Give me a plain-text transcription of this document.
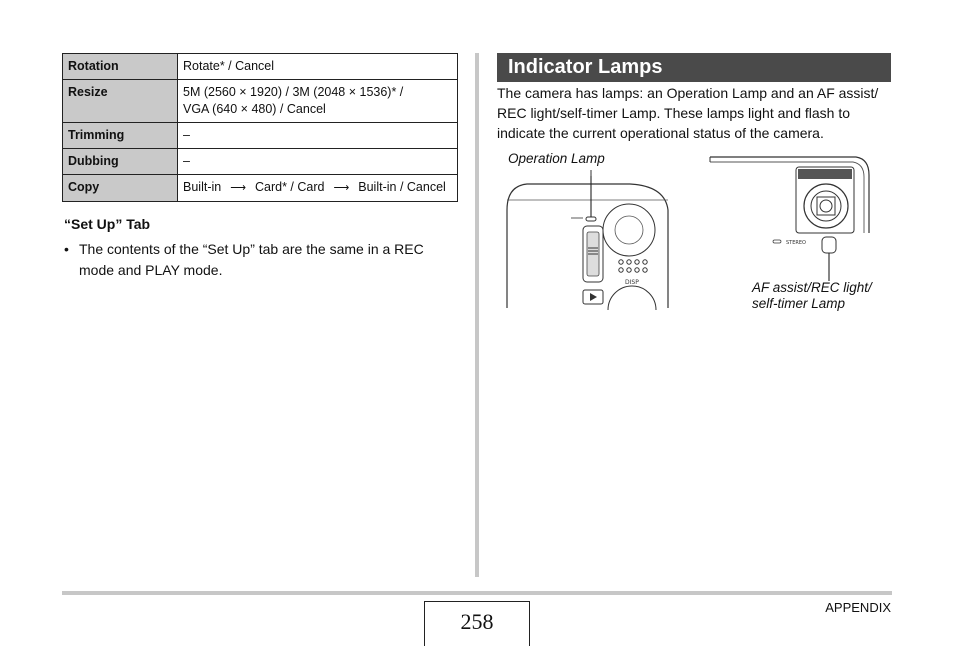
Rotation	Rotate* / Cancel
Resize	5M (2560 × 1920) / 3M (2048 × 1536)* /
VGA (640 × 480) / Cancel
Trimming	–
Dubbing	–
Copy	Built-in ⟶ Card* / Card ⟶ Built-in / Cancel
“Set Up” Tab
• The contents of the “Set Up” tab are the same in a REC mode and PLAY mode.
Indicator Lamps
The camera has lamps: an Operation Lamp and an AF assist/ REC light/self-timer Lamp. These lamps light and flash to indicate the current operational status of the camera.
Operation Lamp
AF assist/REC light/
self-timer Lamp
DISP
STEREO
258
APPENDIX
